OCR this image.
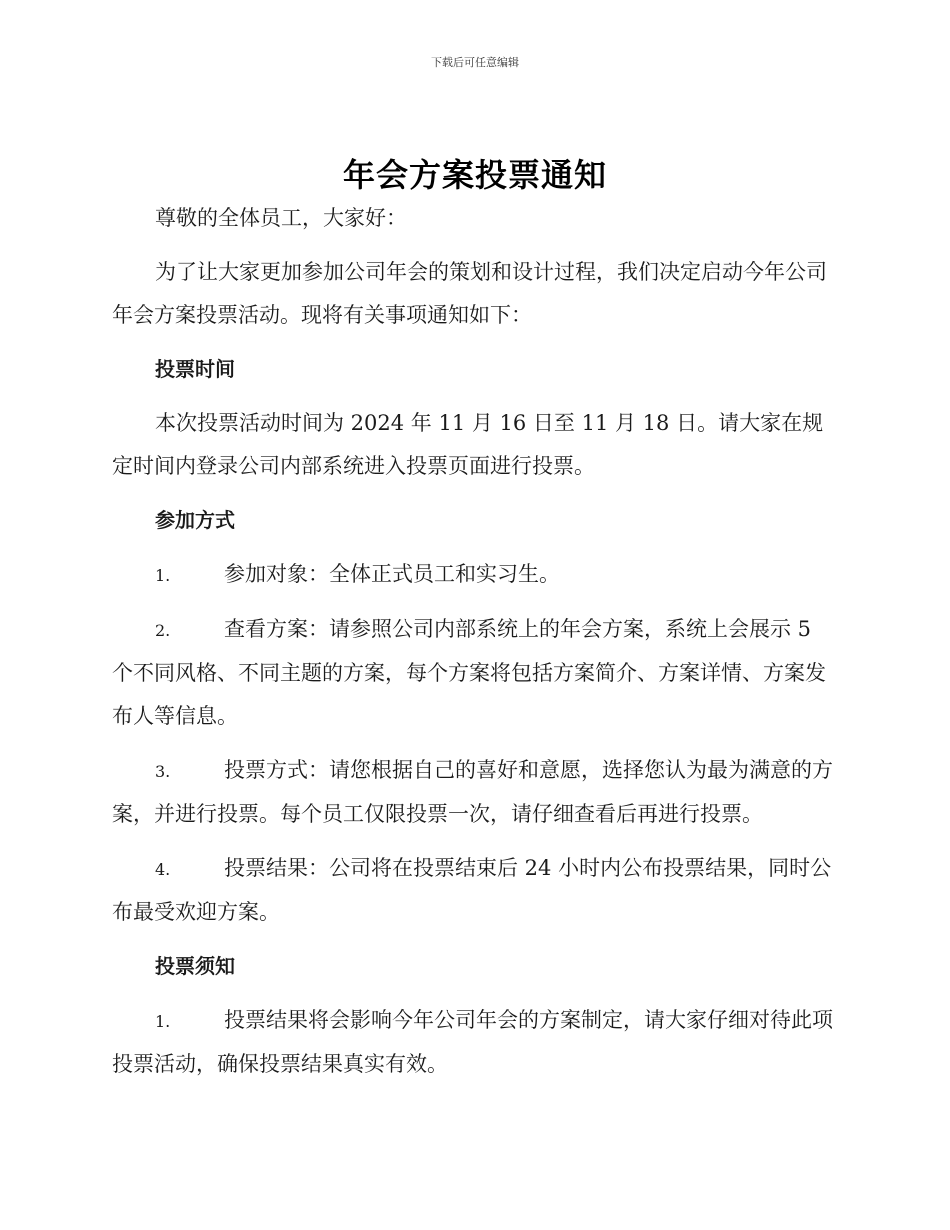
下载后可任意编辑
年会方案投票通知

尊敬的全体员工，大家好：

为了让大家更加参加公司年会的策划和设计过程，我们决定启动今年公司年会方案投票活动。现将有关事项通知如下：

投票时间

本次投票活动时间为 2024 年 11 月 16 日至 11 月 18 日。请大家在规定时间内登录公司内部系统进入投票页面进行投票。

参加方式

1.	参加对象：全体正式员工和实习生。

2.	查看方案：请参照公司内部系统上的年会方案，系统上会展示 5 个不同风格、不同主题的方案，每个方案将包括方案简介、方案详情、方案发布人等信息。

3.	投票方式：请您根据自己的喜好和意愿，选择您认为最为满意的方案，并进行投票。每个员工仅限投票一次，请仔细查看后再进行投票。

4.	投票结果：公司将在投票结束后 24 小时内公布投票结果，同时公布最受欢迎方案。

投票须知

1.	投票结果将会影响今年公司年会的方案制定，请大家仔细对待此项投票活动，确保投票结果真实有效。
